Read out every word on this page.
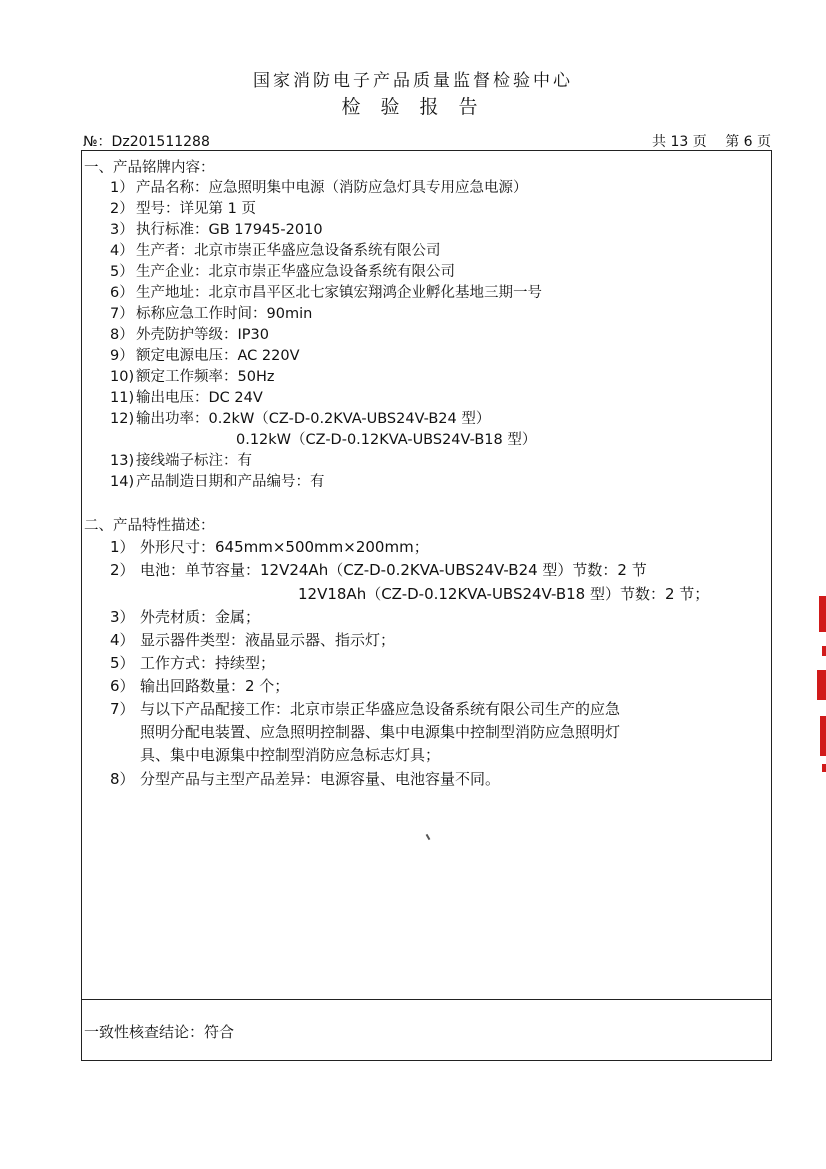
国家消防电子产品质量监督检验中心
检 验 报 告
№：Dz201511288	共 13 页 第 6 页
一、产品铭牌内容：
1） 产品名称：应急照明集中电源（消防应急灯具专用应急电源）
2） 型号：详见第 1 页
3） 执行标准：GB 17945-2010
4） 生产者：北京市崇正华盛应急设备系统有限公司
5） 生产企业：北京市崇正华盛应急设备系统有限公司
6） 生产地址：北京市昌平区北七家镇宏翔鸿企业孵化基地三期一号
7） 标称应急工作时间：90min
8） 外壳防护等级：IP30
9） 额定电源电压：AC 220V
10) 额定工作频率：50Hz
11) 输出电压：DC 24V
12) 输出功率：0.2kW（CZ-D-0.2KVA-UBS24V-B24 型）
0.12kW（CZ-D-0.12KVA-UBS24V-B18 型）
13) 接线端子标注：有
14) 产品制造日期和产品编号：有
二、产品特性描述：
1） 外形尺寸：645mm×500mm×200mm；
2） 电池：单节容量：12V24Ah（CZ-D-0.2KVA-UBS24V-B24 型）节数：2 节
12V18Ah（CZ-D-0.12KVA-UBS24V-B18 型）节数：2 节；
3） 外壳材质：金属；
4） 显示器件类型：液晶显示器、指示灯；
5） 工作方式：持续型；
6） 输出回路数量：2 个；
7） 与以下产品配接工作：北京市崇正华盛应急设备系统有限公司生产的应急
照明分配电装置、应急照明控制器、集中电源集中控制型消防应急照明灯
具、集中电源集中控制型消防应急标志灯具；
8） 分型产品与主型产品差异：电源容量、电池容量不同。
一致性核查结论：符合
